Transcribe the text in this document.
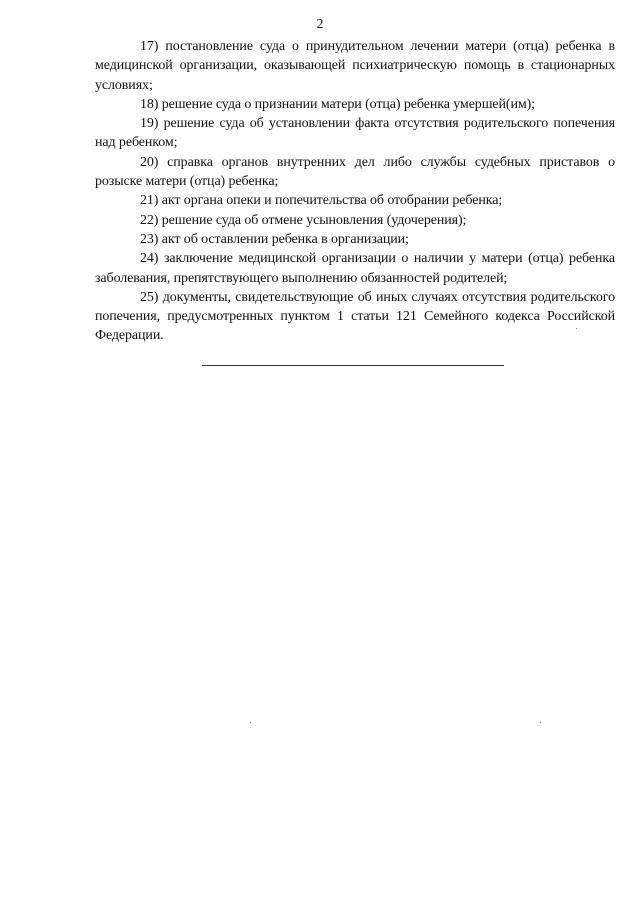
2

17) постановление суда о принудительном лечении матери (отца) ребенка в медицинской организации, оказывающей психиатрическую помощь в стационарных условиях;

18) решение суда о признании матери (отца) ребенка умершей(им);

19) решение суда об установлении факта отсутствия родительского попечения над ребенком;

20) справка органов внутренних дел либо службы судебных приставов о розыске матери (отца) ребенка;

21) акт органа опеки и попечительства об отобрании ребенка;

22) решение суда об отмене усыновления (удочерения);

23) акт об оставлении ребенка в организации;

24) заключение медицинской организации о наличии у матери (отца) ребенка заболевания, препятствующего выполнению обязанностей родителей;

25) документы, свидетельствующие об иных случаях отсутствия родительского попечения, предусмотренных пунктом 1 статьи 121 Семейного кодекса Российской Федерации.
